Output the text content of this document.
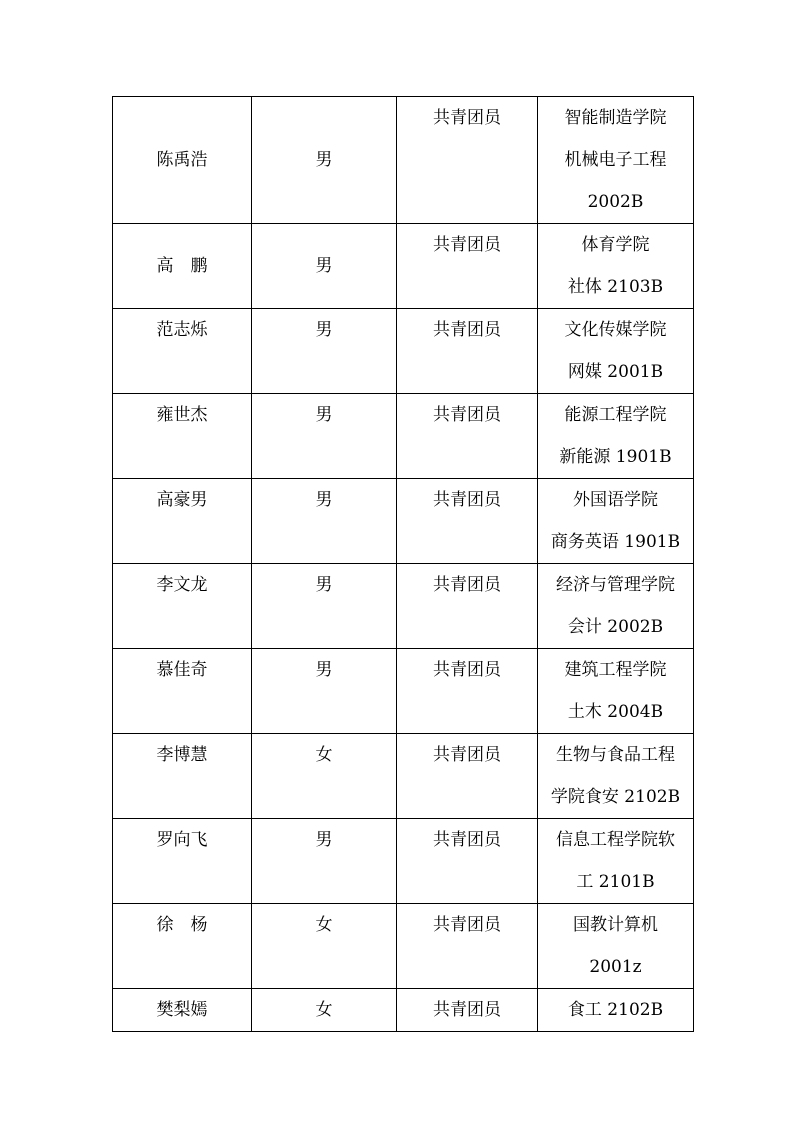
陈禹浩	男	共青团员	智能制造学院
机械电子工程
2002B

高　鹏	男	共青团员	体育学院
社体 2103B

范志烁	男	共青团员	文化传媒学院
网媒 2001B

雍世杰	男	共青团员	能源工程学院
新能源 1901B

高豪男	男	共青团员	外国语学院
商务英语 1901B

李文龙	男	共青团员	经济与管理学院
会计 2002B

慕佳奇	男	共青团员	建筑工程学院
土木 2004B

李博慧	女	共青团员	生物与食品工程
学院食安 2102B

罗向飞	男	共青团员	信息工程学院软
工 2101B

徐　杨	女	共青团员	国教计算机
2001z

樊梨嫣	女	共青团员	食工 2102B
